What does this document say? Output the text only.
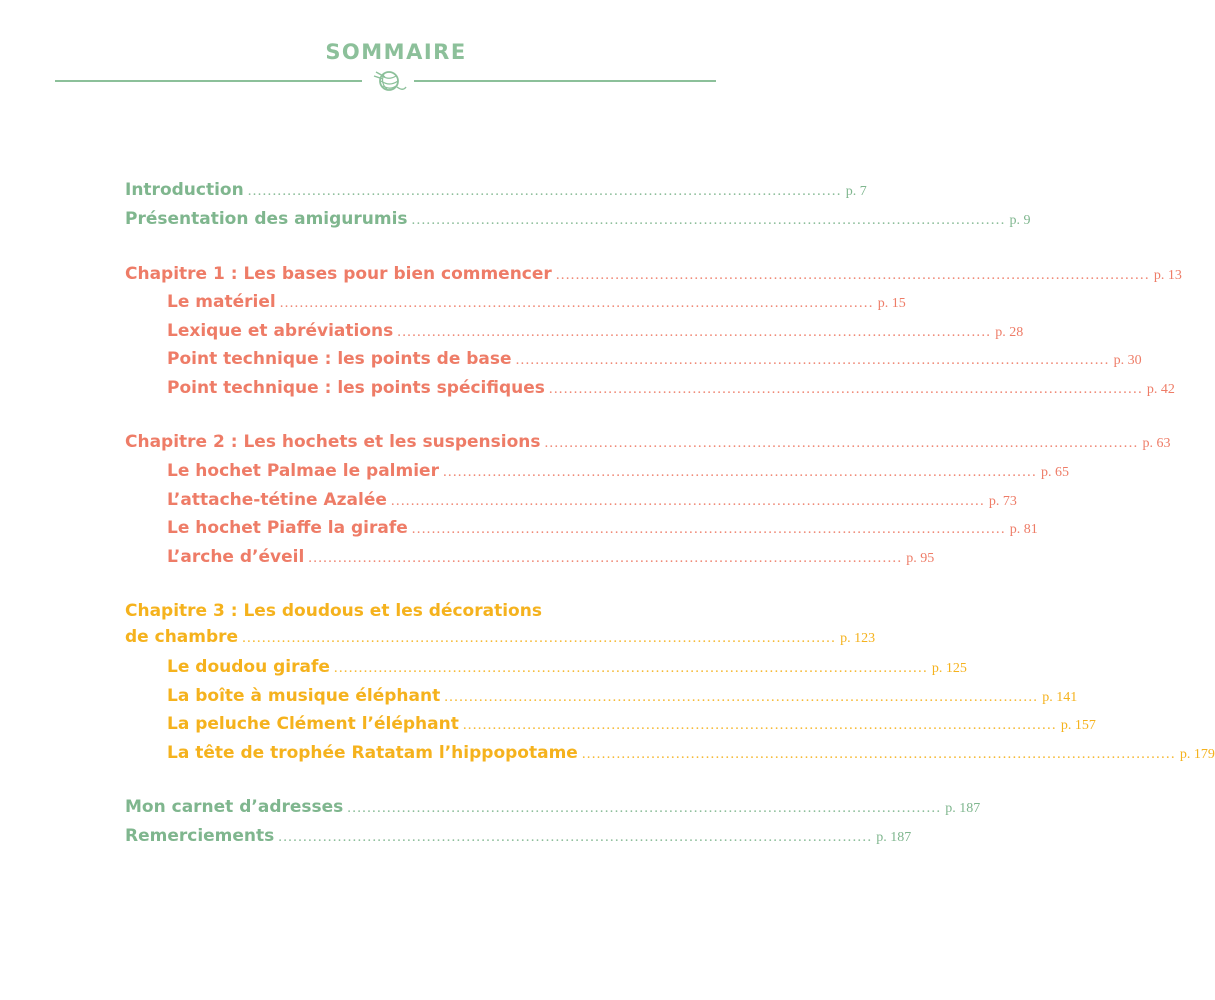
SOMMAIRE
Introduction ........................................................................................................................ p. 7
Présentation des amigurumis ........................................................................................................................ p. 9
Chapitre 1 : Les bases pour bien commencer ........................................................................................................................ p. 13
Le matériel ........................................................................................................................ p. 15
Lexique et abréviations ........................................................................................................................ p. 28
Point technique : les points de base ........................................................................................................................ p. 30
Point technique : les points spécifiques ........................................................................................................................ p. 42
Chapitre 2 : Les hochets et les suspensions ........................................................................................................................ p. 63
Le hochet Palmae le palmier ........................................................................................................................ p. 65
L’attache-tétine Azalée ........................................................................................................................ p. 73
Le hochet Piaffe la girafe ........................................................................................................................ p. 81
L’arche d’éveil ........................................................................................................................ p. 95
Chapitre 3 : Les doudous et les décorations
de chambre ........................................................................................................................ p. 123
Le doudou girafe ........................................................................................................................ p. 125
La boîte à musique éléphant ........................................................................................................................ p. 141
La peluche Clément l’éléphant ........................................................................................................................ p. 157
La tête de trophée Ratatam l’hippopotame ........................................................................................................................ p. 179
Mon carnet d’adresses ........................................................................................................................ p. 187
Remerciements ........................................................................................................................ p. 187
